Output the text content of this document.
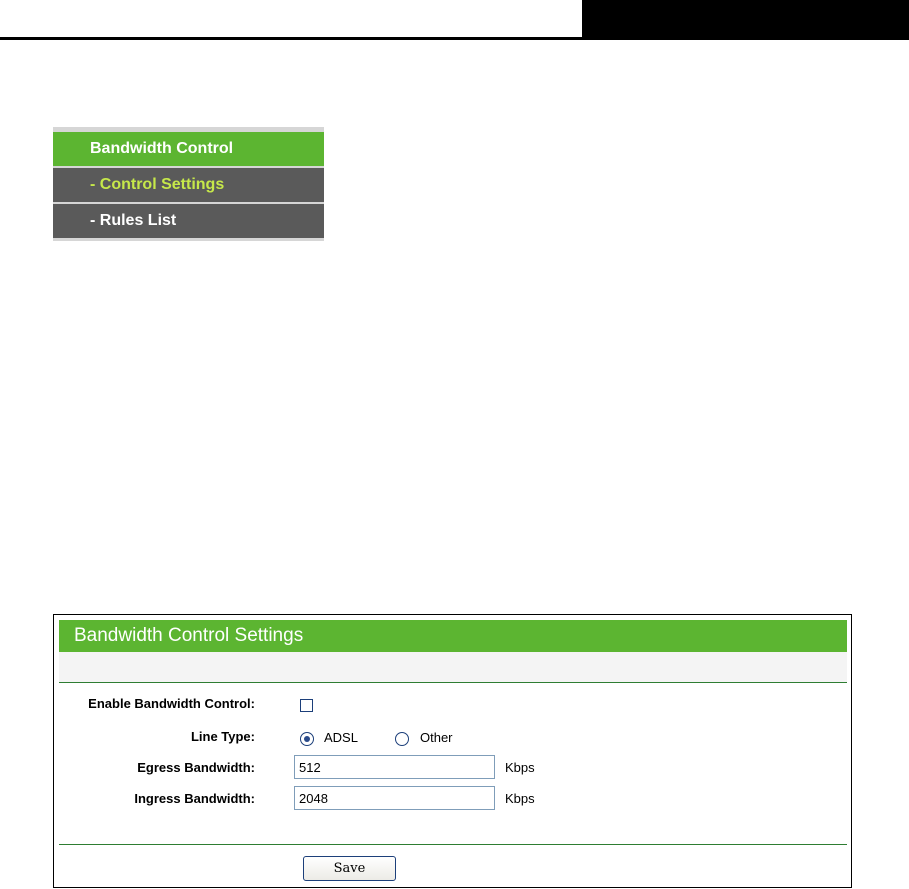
Bandwidth Control
- Control Settings
- Rules List
Bandwidth Control Settings
Enable Bandwidth Control:
Line Type:	ADSL	Other
Egress Bandwidth:
512	Kbps
Ingress Bandwidth:
2048	Kbps
Save
